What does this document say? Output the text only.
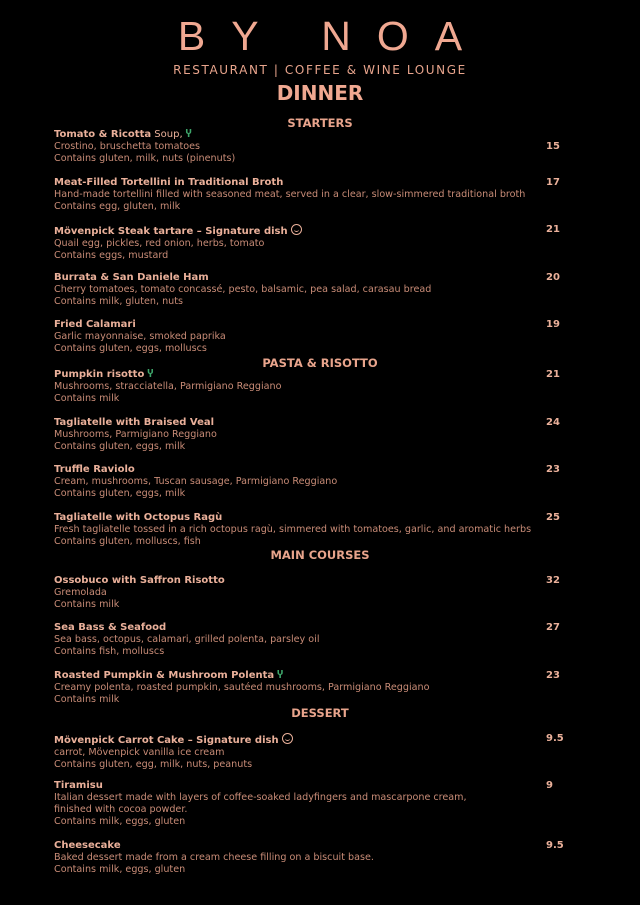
BY NOA
RESTAURANT | COFFEE & WINE LOUNGE
DINNER
STARTERS
Tomato & Ricotta Soup, Ⴤ
Crostino, bruschetta tomatoes
Contains gluten, milk, nuts (pinenuts)
15
Meat-Filled Tortellini in Traditional Broth
Hand-made tortellini filled with seasoned meat, served in a clear, slow-simmered traditional broth
Contains egg, gluten, milk
17
Mövenpick Steak tartare – Signature dish
Quail egg, pickles, red onion, herbs, tomato
Contains eggs, mustard
21
Burrata & San Daniele Ham
Cherry tomatoes, tomato concassé, pesto, balsamic, pea salad, carasau bread
Contains milk, gluten, nuts
20
Fried Calamari
Garlic mayonnaise, smoked paprika
Contains gluten, eggs, molluscs
19
PASTA & RISOTTO
Pumpkin risotto Ⴤ
Mushrooms, stracciatella, Parmigiano Reggiano
Contains milk
21
Tagliatelle with Braised Veal
Mushrooms, Parmigiano Reggiano
Contains gluten, eggs, milk
24
Truffle Raviolo
Cream, mushrooms, Tuscan sausage, Parmigiano Reggiano
Contains gluten, eggs, milk
23
Tagliatelle with Octopus Ragù
Fresh tagliatelle tossed in a rich octopus ragù, simmered with tomatoes, garlic, and aromatic herbs
Contains gluten, molluscs, fish
25
MAIN COURSES
Ossobuco with Saffron Risotto
Gremolada
Contains milk
32
Sea Bass & Seafood
Sea bass, octopus, calamari, grilled polenta, parsley oil
Contains fish, molluscs
27
Roasted Pumpkin & Mushroom Polenta Ⴤ
Creamy polenta, roasted pumpkin, sautéed mushrooms, Parmigiano Reggiano
Contains milk
23
DESSERT
Mövenpick Carrot Cake – Signature dish
carrot, Mövenpick vanilla ice cream
Contains gluten, egg, milk, nuts, peanuts
9.5
Tiramisu
Italian dessert made with layers of coffee-soaked ladyfingers and mascarpone cream,
finished with cocoa powder.
Contains milk, eggs, gluten
9
Cheesecake
Baked dessert made from a cream cheese filling on a biscuit base.
Contains milk, eggs, gluten
9.5
